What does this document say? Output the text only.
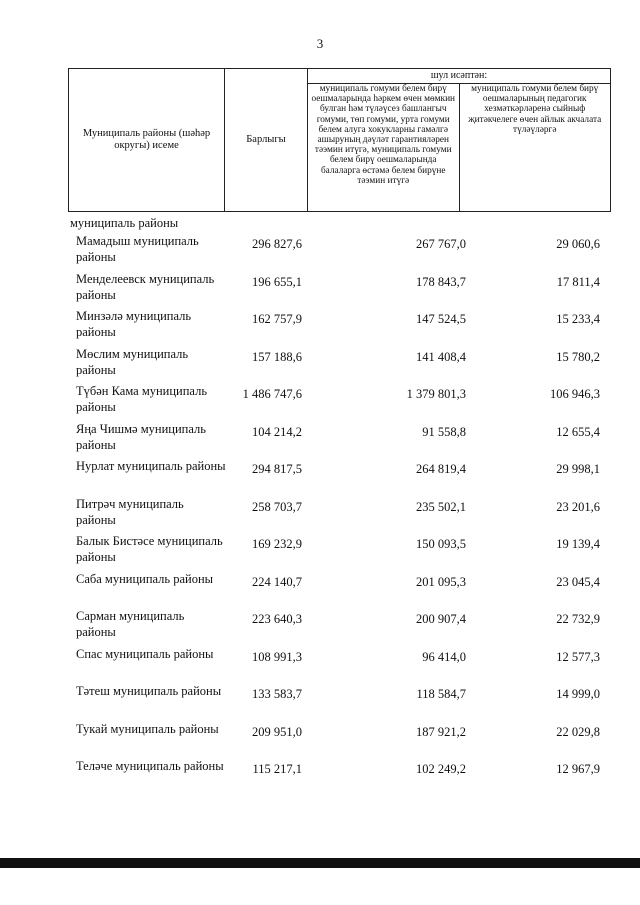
3
Муниципаль районы (шәһәр округы) исеме	Барлыгы	шул исәптән:	
		муниципаль гомуми белем бирү оешмаларында һәркем өчен мөмкин булган һәм түләүсез башлангыч гомуми, төп гомуми, урта гомуми белем алуга хокукларны гамәлгә ашыруның дәүләт гарантияләрен тәэмин итүгә, муниципаль гомуми белем бирү оешмаларында балаларга өстәмә белем бирүне тәэмин итүгә	муниципаль гомуми белем бирү оешмаларының педагогик хезмәткәрләренә сыйныф җитәкчелеге өчен айлык акчалата түләүләргә
муниципаль районы
Мамадыш муниципаль районы
296 827,6	267 767,0	29 060,6
Менделеевск муниципаль районы
196 655,1	178 843,7	17 811,4
Минзәлә муниципаль районы
162 757,9	147 524,5	15 233,4
Мөслим муниципаль районы
157 188,6	141 408,4	15 780,2
Түбән Кама муниципаль районы
1 486 747,6	1 379 801,3	106 946,3
Яңа Чишмә муниципаль районы
104 214,2	91 558,8	12 655,4
Нурлат муниципаль районы 294 817,5	264 819,4	29 998,1
Питрәч муниципаль районы
258 703,7	235 502,1	23 201,6
Балык Бистәсе муниципаль районы
169 232,9	150 093,5	19 139,4
Саба муниципаль районы	224 140,7	201 095,3	23 045,4
Сарман муниципаль районы
223 640,3	200 907,4	22 732,9
Спас муниципаль районы	108 991,3	96 414,0	12 577,3
Тәтеш муниципаль районы	133 583,7	118 584,7	14 999,0
Тукай муниципаль районы	209 951,0	187 921,2	22 029,8
Теләче муниципаль районы 115 217,1	102 249,2	12 967,9
